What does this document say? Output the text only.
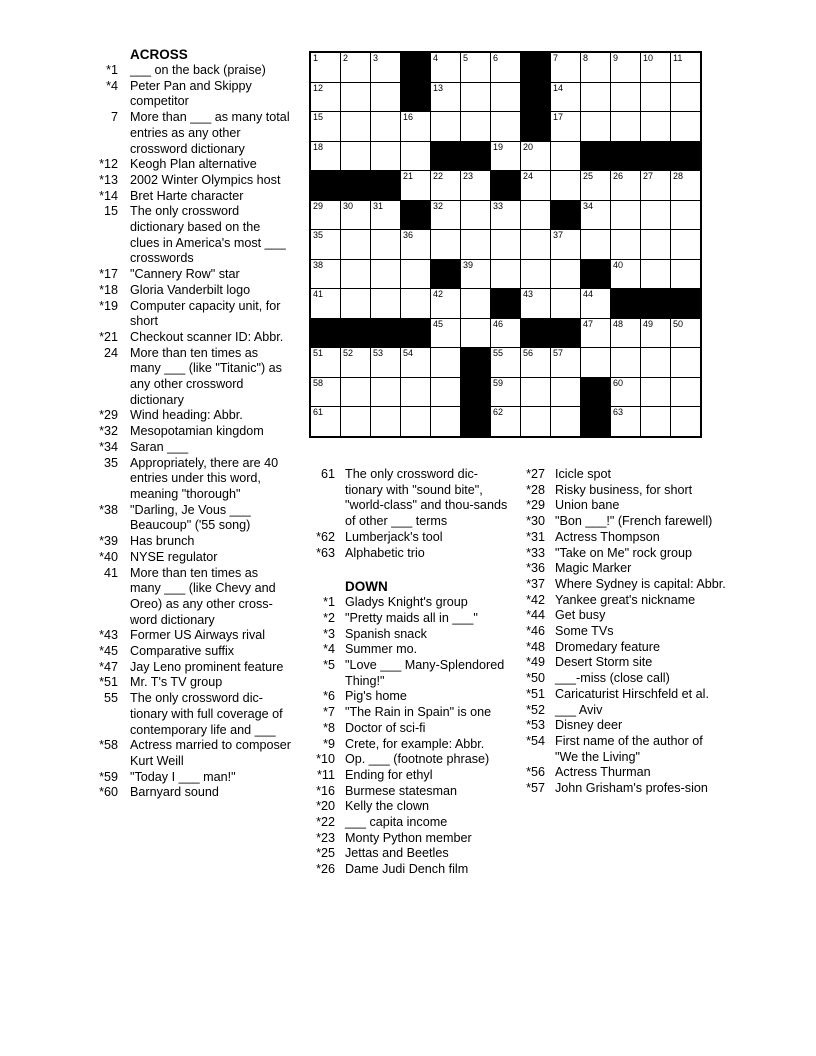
ACROSS
*1 ___ on the back (praise)
*4 Peter Pan and Skippy competitor
7 More than ___ as many total entries as any other crossword dictionary
*12 Keogh Plan alternative
*13 2002 Winter Olympics host
*14 Bret Harte character
15 The only crossword dictionary based on the clues in America's most ___ crosswords
*17 "Cannery Row" star
*18 Gloria Vanderbilt logo
*19 Computer capacity unit, for short
*21 Checkout scanner ID: Abbr.
24 More than ten times as many ___ (like "Titanic") as any other crossword dictionary
*29 Wind heading: Abbr.
*32 Mesopotamian kingdom
*34 Saran ___
35 Appropriately, there are 40 entries under this word, meaning "thorough"
*38 "Darling, Je Vous ___ Beaucoup" ('55 song)
*39 Has brunch
*40 NYSE regulator
41 More than ten times as many ___ (like Chevy and Oreo) as any other cross-word dictionary
*43 Former US Airways rival
*45 Comparative suffix
*47 Jay Leno prominent feature
*51 Mr. T's TV group
55 The only crossword dic-tionary with full coverage of contemporary life and ___
*58 Actress married to composer Kurt Weill
*59 "Today I ___ man!"
*60 Barnyard sound
1	2	3	4	5	6	7	8	9	10 11
12	13	14
15	16	17
18	19 20
21 22 23	24	25 26 27 28
29 30 31	32	33	34
35	36	37
38	39	40
41	42	43	44
45	46	47 48 49 50
51 52 53 54	55 56 57
58	59	60
61	62	63
61 The only crossword dic-tionary with "sound bite", "world-class" and thou-sands of other ___ terms
*62 Lumberjack's tool
*63 Alphabetic trio
DOWN
*1 Gladys Knight's group
*2 "Pretty maids all in ___"
*3 Spanish snack
*4 Summer mo.
*5 "Love ___ Many-Splendored Thing!"
*6 Pig's home
*7 "The Rain in Spain" is one
*8 Doctor of sci-fi
*9 Crete, for example: Abbr.
*10 Op. ___ (footnote phrase)
*11 Ending for ethyl
*16 Burmese statesman
*20 Kelly the clown
*22 ___ capita income
*23 Monty Python member
*25 Jettas and Beetles
*26 Dame Judi Dench film
*27 Icicle spot
*28 Risky business, for short
*29 Union bane
*30 "Bon ___!" (French farewell)
*31 Actress Thompson
*33 "Take on Me" rock group
*36 Magic Marker
*37 Where Sydney is capital: Abbr.
*42 Yankee great's nickname
*44 Get busy
*46 Some TVs
*48 Dromedary feature
*49 Desert Storm site
*50 ___-miss (close call)
*51 Caricaturist Hirschfeld et al.
*52 ___ Aviv
*53 Disney deer
*54 First name of the author of "We the Living"
*56 Actress Thurman
*57 John Grisham's profes-sion
